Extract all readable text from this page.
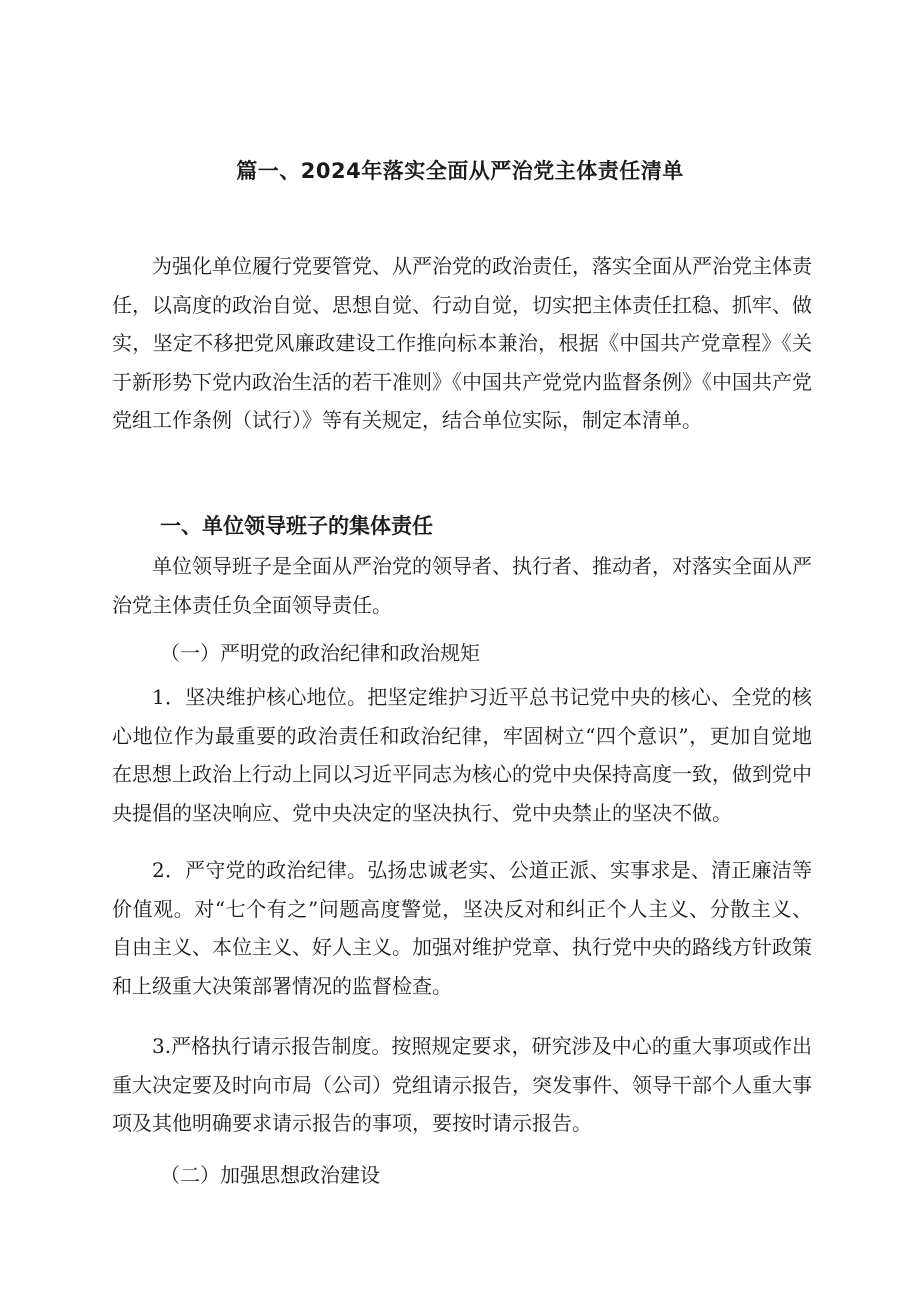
篇一、2024年落实全面从严治党主体责任清单

为强化单位履行党要管党、从严治党的政治责任，落实全面从严治党主体责任，以高度的政治自觉、思想自觉、行动自觉，切实把主体责任扛稳、抓牢、做实，坚定不移把党风廉政建设工作推向标本兼治，根据《中国共产党章程》《关于新形势下党内政治生活的若干准则》《中国共产党党内监督条例》《中国共产党党组工作条例（试行）》等有关规定，结合单位实际，制定本清单。

一、单位领导班子的集体责任

单位领导班子是全面从严治党的领导者、执行者、推动者，对落实全面从严治党主体责任负全面领导责任。

（一）严明党的政治纪律和政治规矩

1．坚决维护核心地位。把坚定维护习近平总书记党中央的核心、全党的核心地位作为最重要的政治责任和政治纪律，牢固树立“四个意识”，更加自觉地在思想上政治上行动上同以习近平同志为核心的党中央保持高度一致，做到党中央提倡的坚决响应、党中央决定的坚决执行、党中央禁止的坚决不做。

2．严守党的政治纪律。弘扬忠诚老实、公道正派、实事求是、清正廉洁等价值观。对“七个有之”问题高度警觉，坚决反对和纠正个人主义、分散主义、自由主义、本位主义、好人主义。加强对维护党章、执行党中央的路线方针政策和上级重大决策部署情况的监督检查。

3.严格执行请示报告制度。按照规定要求，研究涉及中心的重大事项或作出重大决定要及时向市局（公司）党组请示报告，突发事件、领导干部个人重大事项及其他明确要求请示报告的事项，要按时请示报告。

（二）加强思想政治建设
